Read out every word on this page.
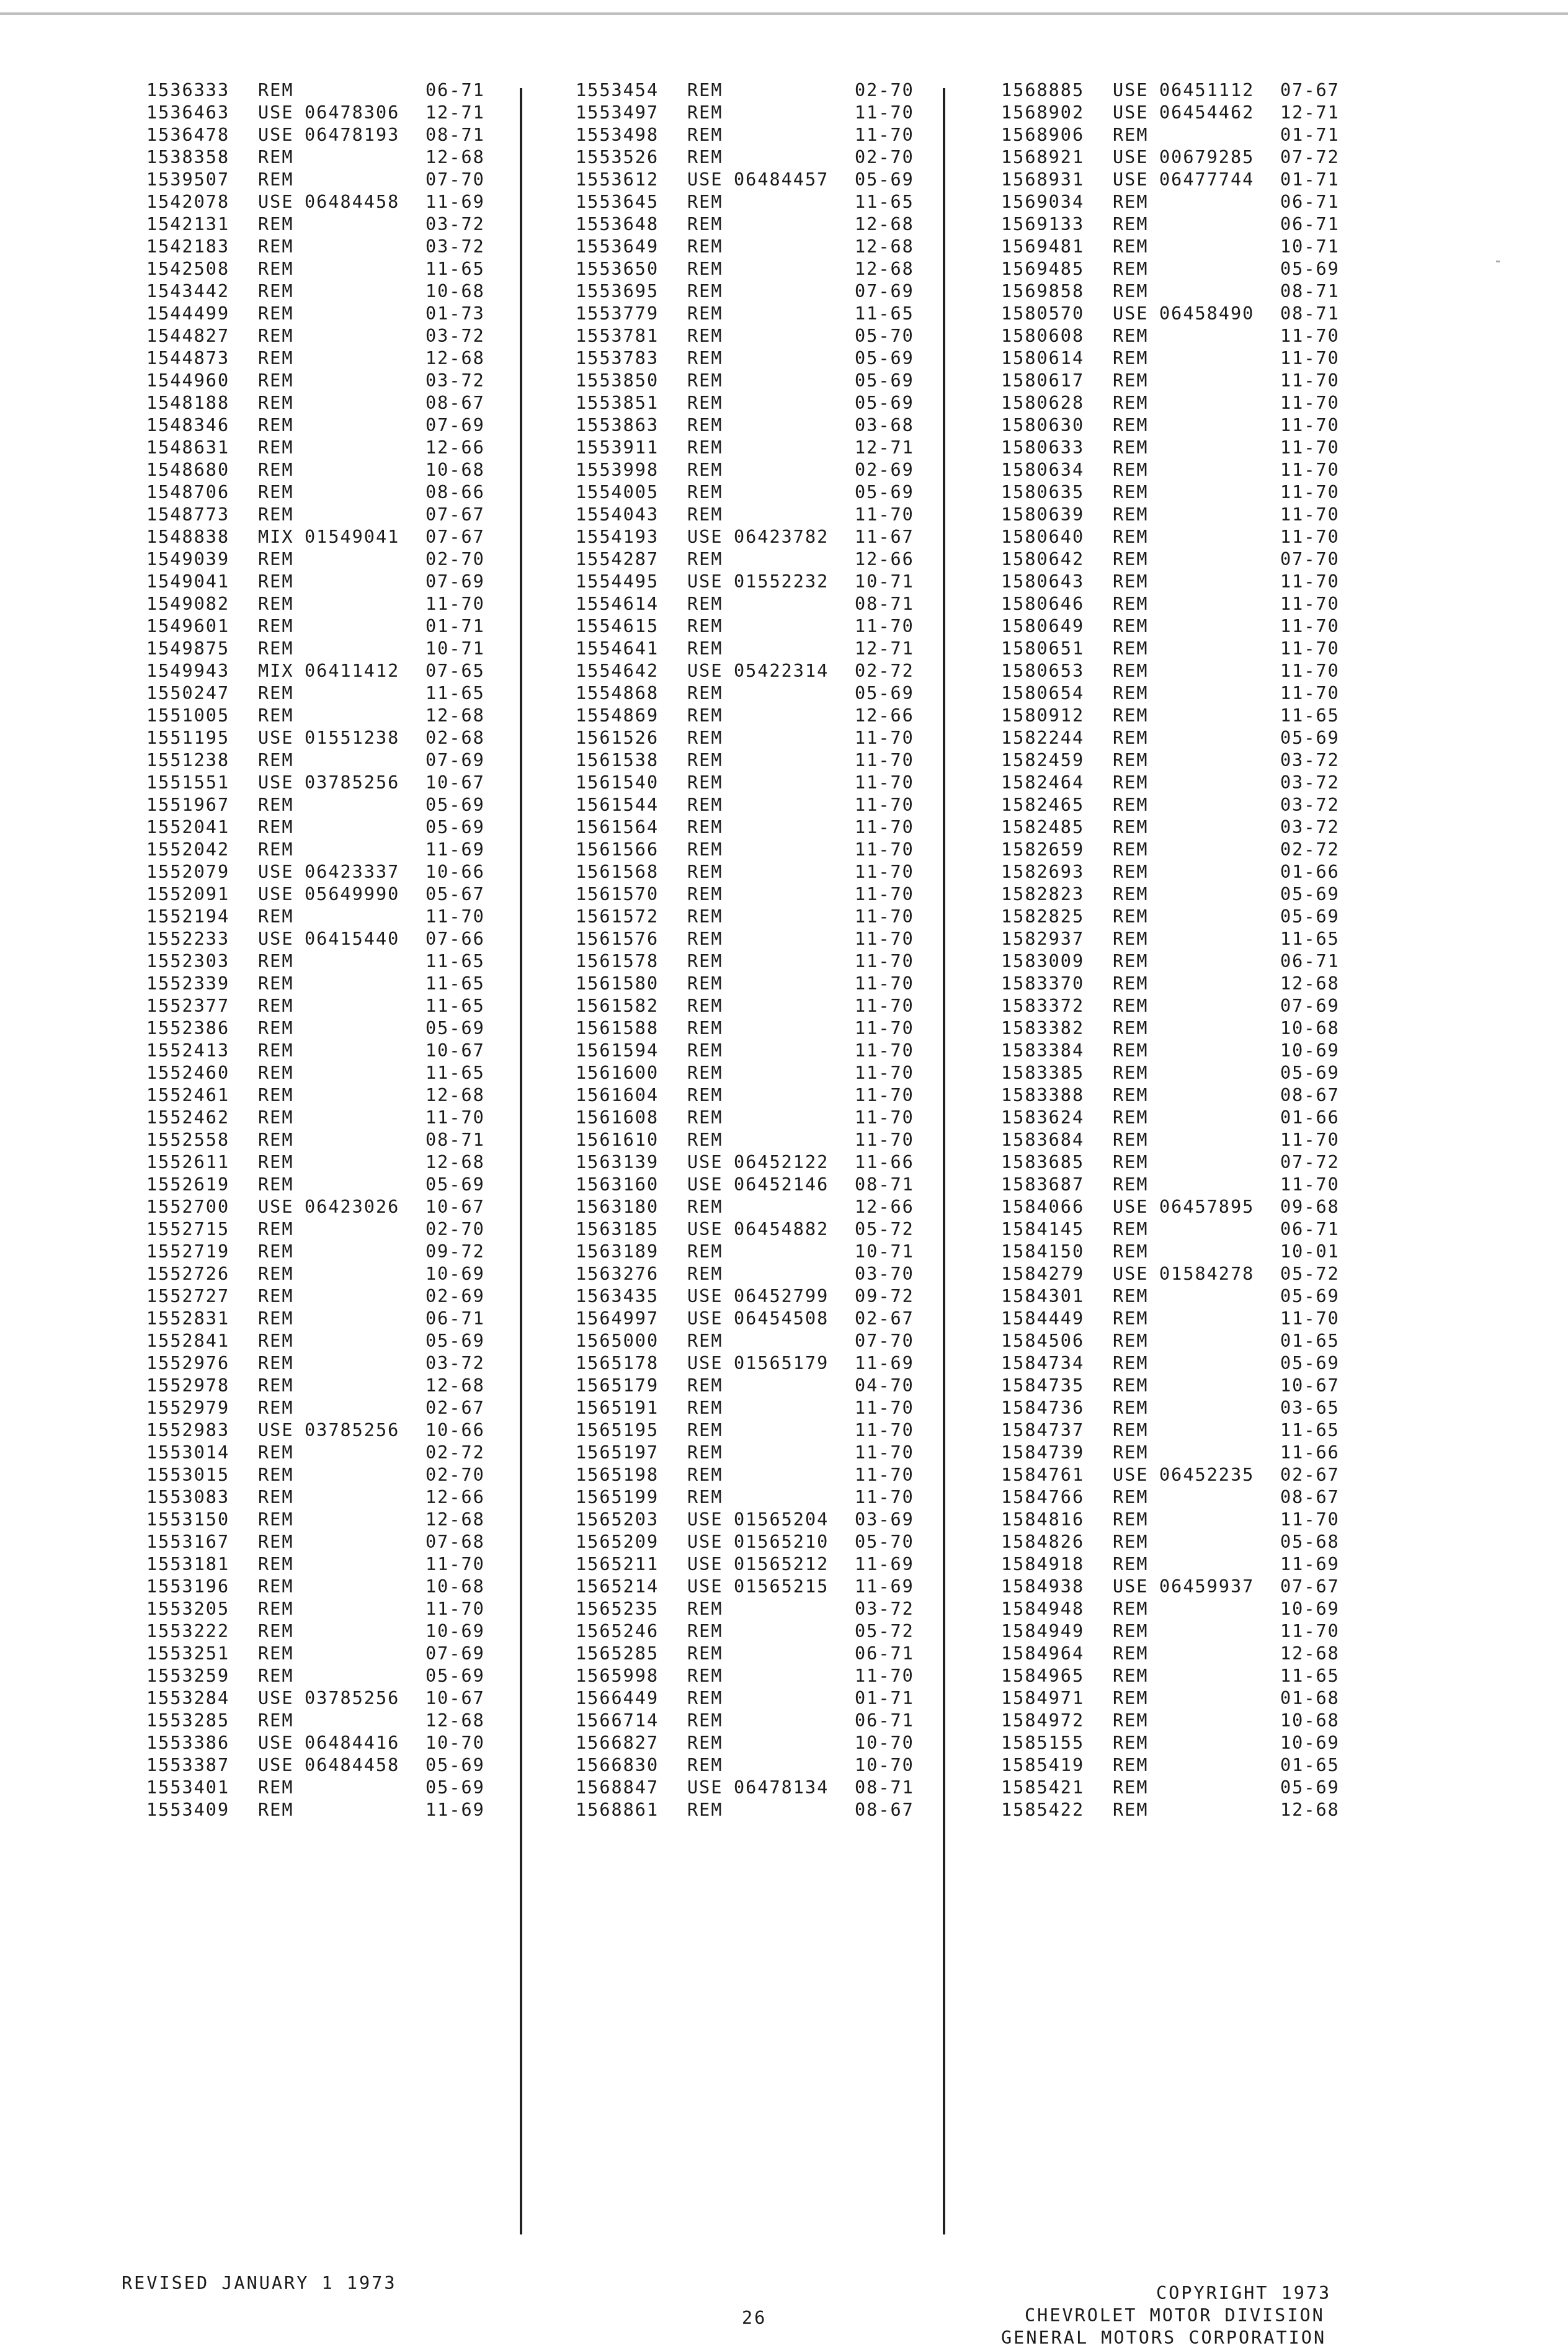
1536333 REM	06-71
1536463 USE 06478306 12-71
1536478 USE 06478193 08-71
1538358 REM	12-68
1539507 REM	07-70
1542078 USE 06484458 11-69
1542131 REM	03-72
1542183 REM	03-72
1542508 REM	11-65
1543442 REM	10-68
1544499 REM	01-73
1544827 REM	03-72
1544873 REM	12-68
1544960 REM	03-72
1548188 REM	08-67
1548346 REM	07-69
1548631 REM	12-66
1548680 REM	10-68
1548706 REM	08-66
1548773 REM	07-67
1548838 MIX 01549041 07-67
1549039 REM	02-70
1549041 REM	07-69
1549082 REM	11-70
1549601 REM	01-71
1549875 REM	10-71
1549943 MIX 06411412 07-65
1550247 REM	11-65
1551005 REM	12-68
1551195 USE 01551238 02-68
1551238 REM	07-69
1551551 USE 03785256 10-67
1551967 REM	05-69
1552041 REM	05-69
1552042 REM	11-69
1552079 USE 06423337 10-66
1552091 USE 05649990 05-67
1552194 REM	11-70
1552233 USE 06415440 07-66
1552303 REM	11-65
1552339 REM	11-65
1552377 REM	11-65
1552386 REM	05-69
1552413 REM	10-67
1552460 REM	11-65
1552461 REM	12-68
1552462 REM	11-70
1552558 REM	08-71
1552611 REM	12-68
1552619 REM	05-69
1552700 USE 06423026 10-67
1552715 REM	02-70
1552719 REM	09-72
1552726 REM	10-69
1552727 REM	02-69
1552831 REM	06-71
1552841 REM	05-69
1552976 REM	03-72
1552978 REM	12-68
1552979 REM	02-67
1552983 USE 03785256 10-66
1553014 REM	02-72
1553015 REM	02-70
1553083 REM	12-66
1553150 REM	12-68
1553167 REM	07-68
1553181 REM	11-70
1553196 REM	10-68
1553205 REM	11-70
1553222 REM	10-69
1553251 REM	07-69
1553259 REM	05-69
1553284 USE 03785256 10-67
1553285 REM	12-68
1553386 USE 06484416 10-70
1553387 USE 06484458 05-69
1553401 REM	05-69
1553409 REM	11-69
1553454 REM	02-70
1553497 REM	11-70
1553498 REM	11-70
1553526 REM	02-70
1553612 USE 06484457 05-69
1553645 REM	11-65
1553648 REM	12-68
1553649 REM	12-68
1553650 REM	12-68
1553695 REM	07-69
1553779 REM	11-65
1553781 REM	05-70
1553783 REM	05-69
1553850 REM	05-69
1553851 REM	05-69
1553863 REM	03-68
1553911 REM	12-71
1553998 REM	02-69
1554005 REM	05-69
1554043 REM	11-70
1554193 USE 06423782 11-67
1554287 REM	12-66
1554495 USE 01552232 10-71
1554614 REM	08-71
1554615 REM	11-70
1554641 REM	12-71
1554642 USE 05422314 02-72
1554868 REM	05-69
1554869 REM	12-66
1561526 REM	11-70
1561538 REM	11-70
1561540 REM	11-70
1561544 REM	11-70
1561564 REM	11-70
1561566 REM	11-70
1561568 REM	11-70
1561570 REM	11-70
1561572 REM	11-70
1561576 REM	11-70
1561578 REM	11-70
1561580 REM	11-70
1561582 REM	11-70
1561588 REM	11-70
1561594 REM	11-70
1561600 REM	11-70
1561604 REM	11-70
1561608 REM	11-70
1561610 REM	11-70
1563139 USE 06452122 11-66
1563160 USE 06452146 08-71
1563180 REM	12-66
1563185 USE 06454882 05-72
1563189 REM	10-71
1563276 REM	03-70
1563435 USE 06452799 09-72
1564997 USE 06454508 02-67
1565000 REM	07-70
1565178 USE 01565179 11-69
1565179 REM	04-70
1565191 REM	11-70
1565195 REM	11-70
1565197 REM	11-70
1565198 REM	11-70
1565199 REM	11-70
1565203 USE 01565204 03-69
1565209 USE 01565210 05-70
1565211 USE 01565212 11-69
1565214 USE 01565215 11-69
1565235 REM	03-72
1565246 REM	05-72
1565285 REM	06-71
1565998 REM	11-70
1566449 REM	01-71
1566714 REM	06-71
1566827 REM	10-70
1566830 REM	10-70
1568847 USE 06478134 08-71
1568861 REM	08-67
1568885 USE 06451112 07-67
1568902 USE 06454462 12-71
1568906 REM	01-71
1568921 USE 00679285 07-72
1568931 USE 06477744 01-71
1569034 REM	06-71
1569133 REM	06-71
1569481 REM	10-71
1569485 REM	05-69
1569858 REM	08-71
1580570 USE 06458490 08-71
1580608 REM	11-70
1580614 REM	11-70
1580617 REM	11-70
1580628 REM	11-70
1580630 REM	11-70
1580633 REM	11-70
1580634 REM	11-70
1580635 REM	11-70
1580639 REM	11-70
1580640 REM	11-70
1580642 REM	07-70
1580643 REM	11-70
1580646 REM	11-70
1580649 REM	11-70
1580651 REM	11-70
1580653 REM	11-70
1580654 REM	11-70
1580912 REM	11-65
1582244 REM	05-69
1582459 REM	03-72
1582464 REM	03-72
1582465 REM	03-72
1582485 REM	03-72
1582659 REM	02-72
1582693 REM	01-66
1582823 REM	05-69
1582825 REM	05-69
1582937 REM	11-65
1583009 REM	06-71
1583370 REM	12-68
1583372 REM	07-69
1583382 REM	10-68
1583384 REM	10-69
1583385 REM	05-69
1583388 REM	08-67
1583624 REM	01-66
1583684 REM	11-70
1583685 REM	07-72
1583687 REM	11-70
1584066 USE 06457895 09-68
1584145 REM	06-71
1584150 REM	10-01
1584279 USE 01584278 05-72
1584301 REM	05-69
1584449 REM	11-70
1584506 REM	01-65
1584734 REM	05-69
1584735 REM	10-67
1584736 REM	03-65
1584737 REM	11-65
1584739 REM	11-66
1584761 USE 06452235 02-67
1584766 REM	08-67
1584816 REM	11-70
1584826 REM	05-68
1584918 REM	11-69
1584938 USE 06459937 07-67
1584948 REM	10-69
1584949 REM	11-70
1584964 REM	12-68
1584965 REM	11-65
1584971 REM	01-68
1584972 REM	10-68
1585155 REM	10-69
1585419 REM	01-65
1585421 REM	05-69
1585422 REM	12-68
REVISED JANUARY 1 1973
26
COPYRIGHT 1973
CHEVROLET MOTOR DIVISION
GENERAL MOTORS CORPORATION
